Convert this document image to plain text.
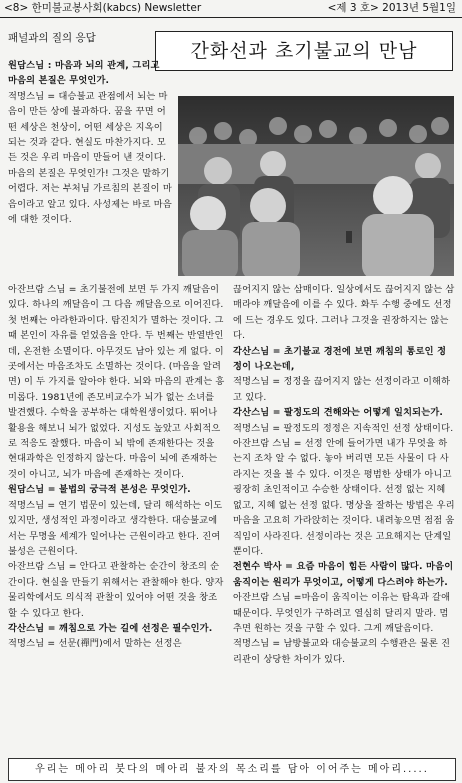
<8> 한미불교봉사회(kabcs) Newsletter	<제 3 호> 2013년 5월1일
패널과의 질의 응답
간화선과 초기불교의 만남

원담스님 : 마음과 뇌의 관계, 그리고 마음의 본질은 무엇인가.

적명스님 = 대승불교 관점에서 뇌는 마음이 만든 상에 불과하다. 꿈을 꾸면 어떤 세상은 천상이, 어떤 세상은 지옥이 되는 것과 같다. 현실도 마찬가지다. 모든 것은 우리 마음이 만들어 낸 것이다. 마음의 본질은 무엇인가! 그것은 말하기 어렵다. 저는 부처님 가르침의 본질이 마음이라고 알고 있다. 사성제는 바로 마음에 대한 것이다.

아잔브람 스님 = 초기불전에 보면 두 가지 깨달음이 있다. 하나의 깨달음이 그 다음 깨달음으로 이어진다. 첫 번째는 아라한과이다. 탐진치가 멸하는 것이다. 그때 본인이 자유를 얻었음을 안다. 두 번째는 반열반인데, 온전한 소멸이다. 아무것도 남아 있는 게 없다. 이곳에서는 마음조차도 소멸하는 것이다. (마음을 알려면) 이 두 가지를 알아야 한다. 뇌와 마음의 관계는 흥미롭다. 1981년에 존모비교수가 뇌가 없는 소녀를 발견했다. 수학을 공부하는 대학원생이었다. 뛰어나 활용을 해보니 뇌가 없었다. 지성도 높았고 사회적으로 적응도 잘했다. 마음이 뇌 밖에 존재한다는 것을 현대과학은 인정하지 않는다. 마음이 뇌에 존재하는 것이 아니고, 뇌가 마음에 존재하는 것이다.

원담스님 = 불법의 궁극적 본성은 무엇인가.

적명스님 = 연기 법문이 있는데, 달리 해석하는 이도 있지만, 생성적인 과정이라고 생각한다. 대승불교에서는 무명을 세계가 일어나는 근원이라고 한다. 진여 불성은 근원이다.

아잔브람 스님 = 안다고 관찰하는 순간이 창조의 순간이다. 현실을 만들기 위해서는 관찰해야 한다. 양자물리학에서도 의식적 관찰이 있어야 어떤 것을 창조할 수 있다고 한다.

각산스님 = 깨침으로 가는 길에 선정은 필수인가.

적명스님 = 선문(禪門)에서 말하는 선정은

끊어지지 않는 삼매이다. 일상에서도 끊어지지 않는 삼매라야 깨달음에 이를 수 있다. 화두 수행 중에도 선정에 드는 경우도 있다. 그러나 그것을 권장하지는 않는다.

각산스님 = 초기불교 경전에 보면 깨침의 통로인 정정이 나오는데,

적명스님 = 정정을 끊어지지 않는 선정이라고 이해하고 있다.

각산스님 = 팔정도의 견해와는 어떻게 일치되는가.

적명스님 = 팔정도의 정정은 지속적인 선정 상태이다.

아잔브람 스님 = 선정 안에 들어가면 내가 무엇을 하는지 조차 알 수 없다. 놓아 버리면 모든 사물이 다 사라지는 것을 볼 수 있다. 이것은 평범한 상태가 아니고 굉장히 초인적이고 수승한 상태이다. 선정 없는 지혜 없고, 지혜 없는 선정 없다. 명상을 잘하는 방법은 우리 마음을 고요히 가라앉히는 것이다. 내려놓으면 점점 움직임이 사라진다. 선정이라는 것은 고요해지는 단계일 뿐이다.

전현수 박사 = 요즘 마음이 힘든 사람이 많다. 마음이 움직이는 원리가 무엇이고, 어떻게 다스려야 하는가.

아잔브람 스님 =마음이 움직이는 이유는 탐욕과 갈애 때문이다. 무엇인가 구하려고 열심히 달리지 말라. 멈추면 원하는 것을 구할 수 있다. 그게 깨달음이다.

적명스님 = 남방불교와 대승불교의 수행관은 물론 진리관이 상당한 차이가 있다.

우리는 메아리 붓다의 메아리 불자의 목소리를 담아 이어주는 메아리.....
